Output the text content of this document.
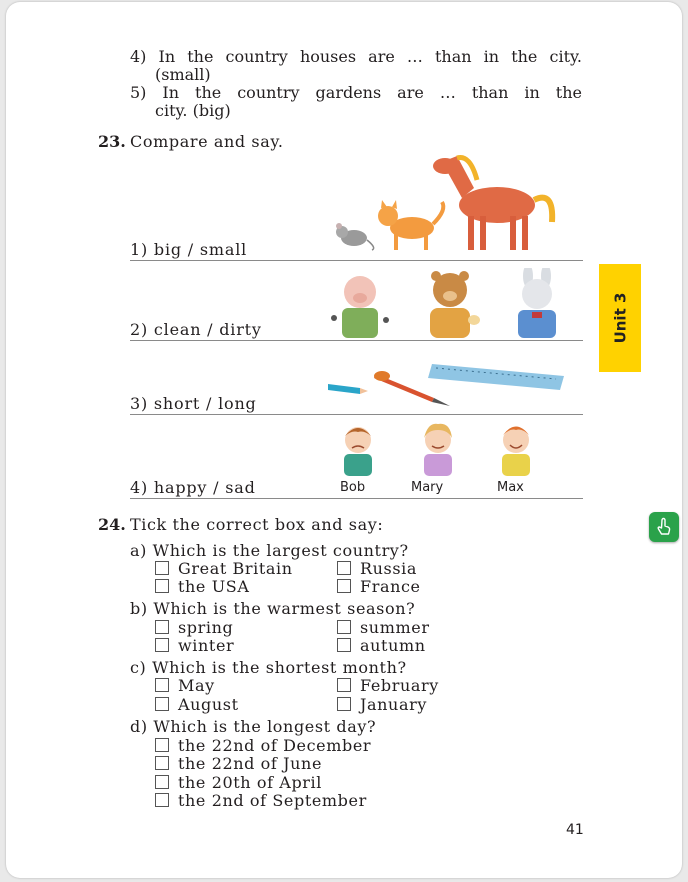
4) In the country houses are … than in the city.
(small)
5) In the country gardens are … than in the
city. (big)
23. Compare and say.
1) big / small
2) clean / dirty
3) short / long
Bob	Mary	Max
4) happy / sad
24. Tick the correct box and say:
a) Which is the largest country?
Great Britain	Russia
the USA	France
b) Which is the warmest season?
spring	summer
winter	autumn
c) Which is the shortest month?
May	February
August	January
d) Which is the longest day?
the 22nd of December
the 22nd of June
the 20th of April
the 2nd of September
Unit 3
41
